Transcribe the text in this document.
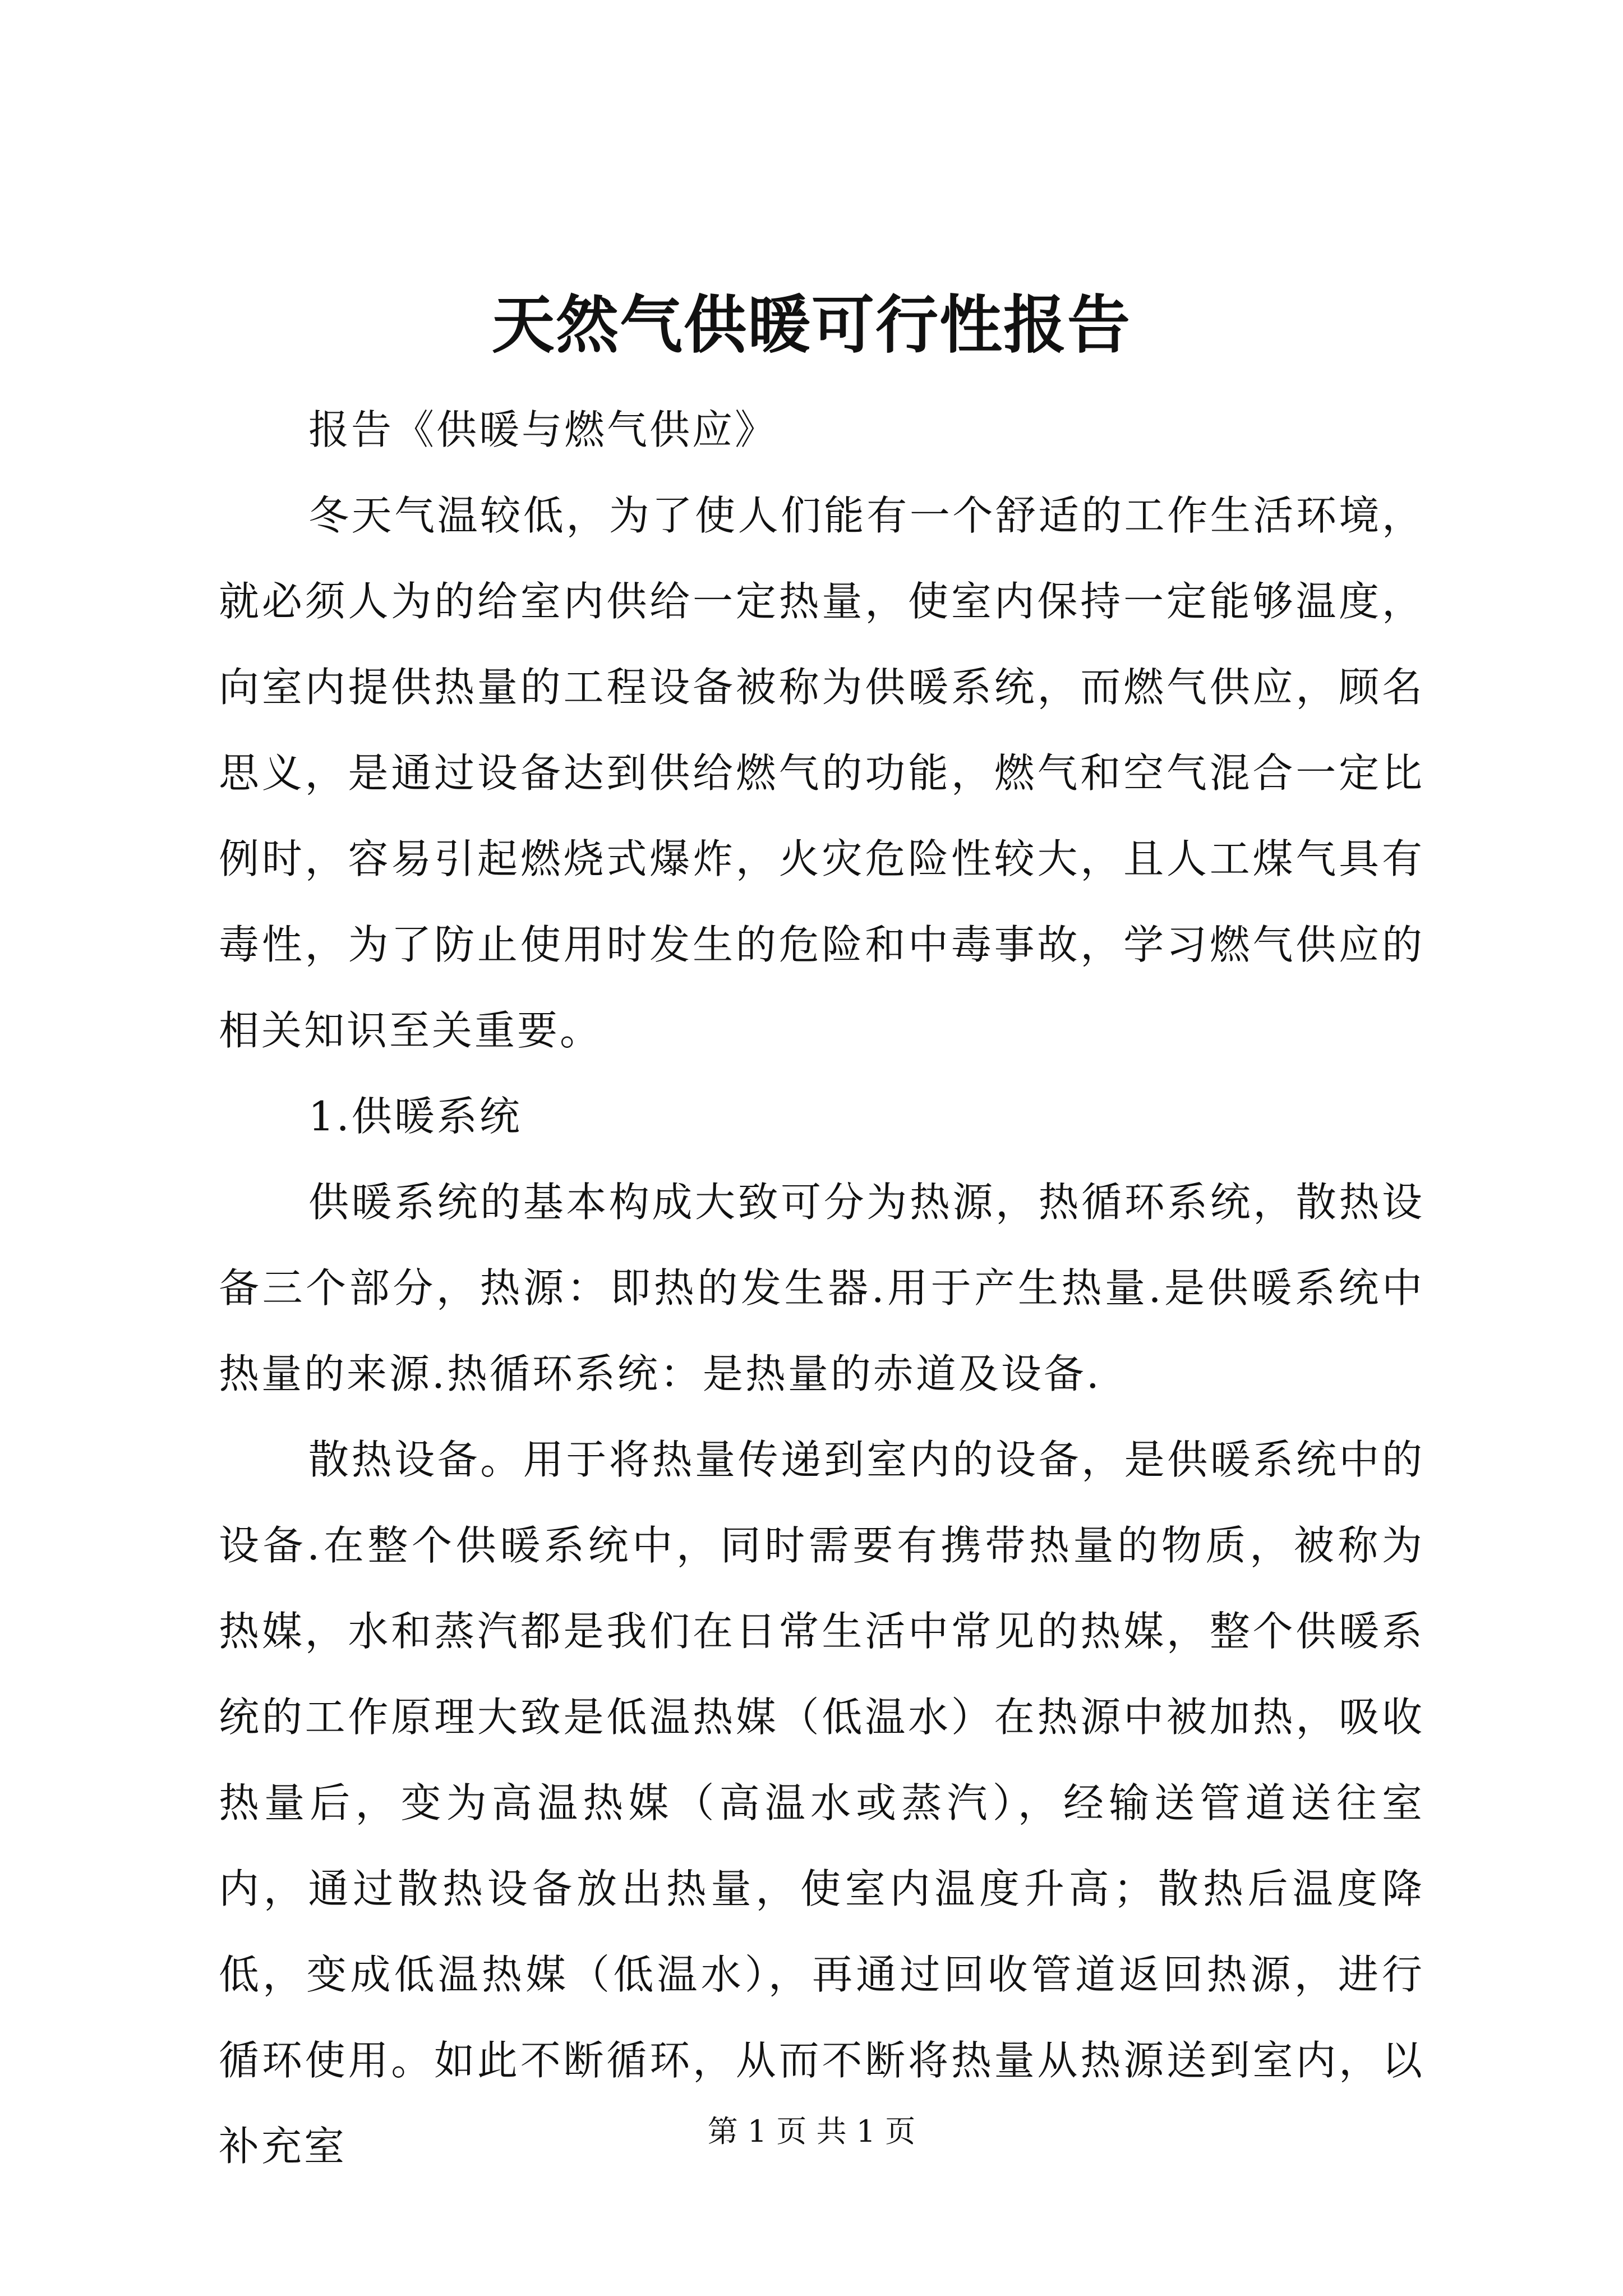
天然气供暖可行性报告

报告《供暖与燃气供应》

冬天气温较低，为了使人们能有一个舒适的工作生活环境，就必须人为的给室内供给一定热量，使室内保持一定能够温度，向室内提供热量的工程设备被称为供暖系统，而燃气供应，顾名思义，是通过设备达到供给燃气的功能，燃气和空气混合一定比例时，容易引起燃烧式爆炸，火灾危险性较大，且人工煤气具有毒性，为了防止使用时发生的危险和中毒事故，学习燃气供应的相关知识至关重要。

1.供暖系统

供暖系统的基本构成大致可分为热源，热循环系统，散热设备三个部分，热源：即热的发生器.用于产生热量.是供暖系统中热量的来源.热循环系统：是热量的赤道及设备.

散热设备。用于将热量传递到室内的设备，是供暖系统中的设备.在整个供暖系统中，同时需要有携带热量的物质，被称为热媒，水和蒸汽都是我们在日常生活中常见的热媒，整个供暖系统的工作原理大致是低温热媒（低温水）在热源中被加热，吸收热量后，变为高温热媒（高温水或蒸汽），经输送管道送往室内，通过散热设备放出热量，使室内温度升高；散热后温度降低，变成低温热媒（低温水），再通过回收管道返回热源，进行循环使用。如此不断循环，从而不断将热量从热源送到室内，以补充室	第 1 页 共 1 页
